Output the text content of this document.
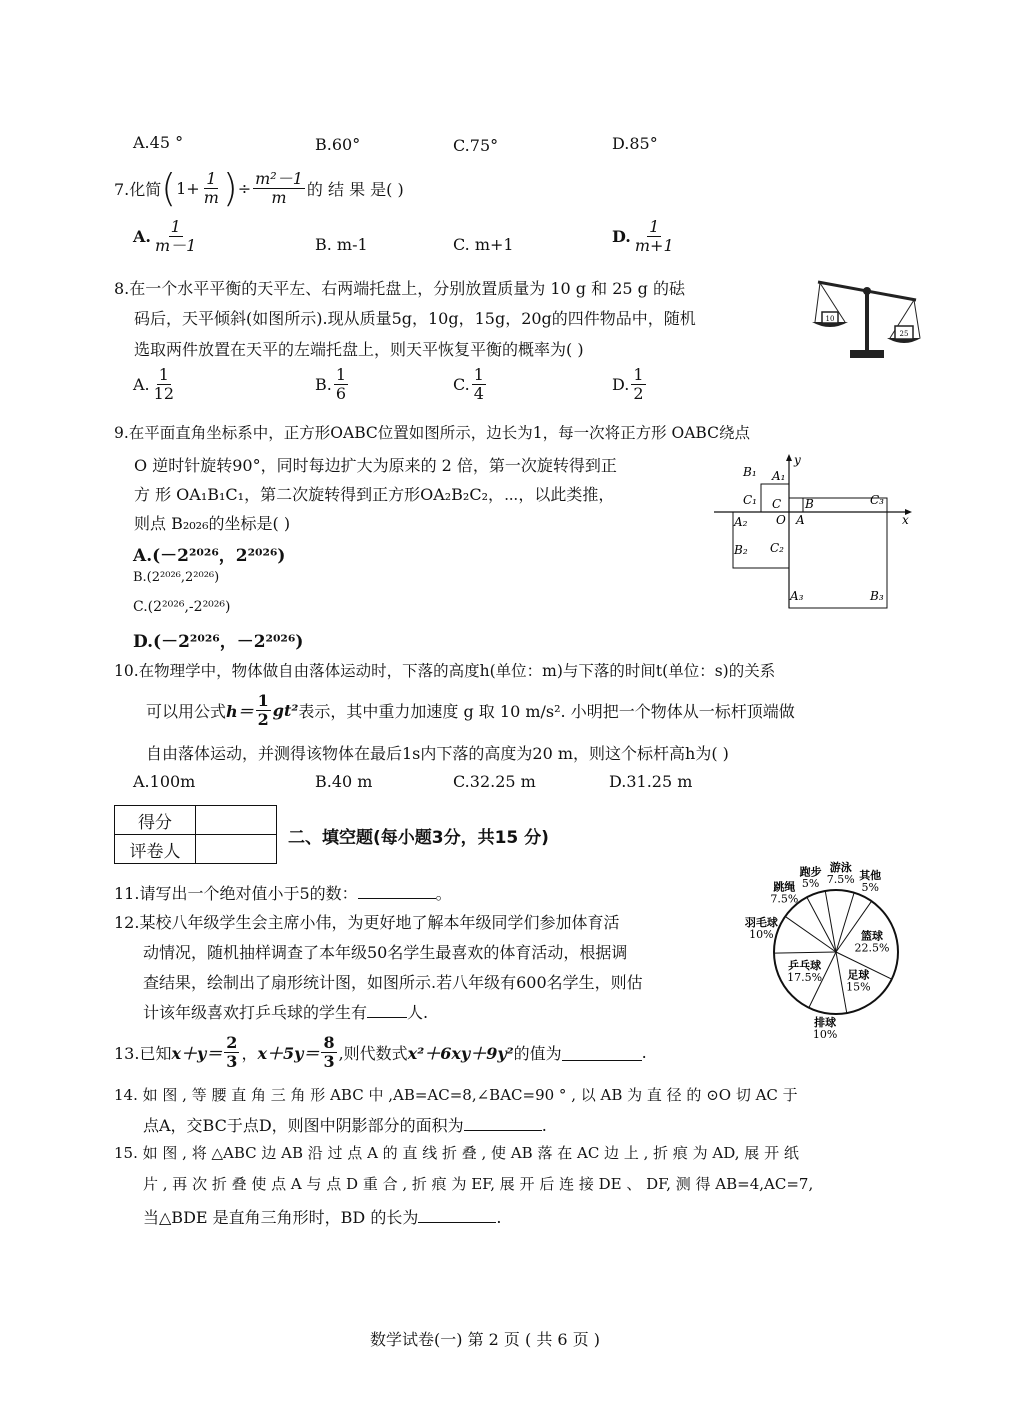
A.45 °	B.60°	C.75°	D.85°
7.化简 ( $1+ \frac{1}{m}$ ) ÷ $\frac{\text{m²－1}}{m}$ 的 结 果 是( )
A. $\frac{1}{m-1}$	B. m-1	C. m+1	D. $\frac{1}{m+1}$
8.在一个水平平衡的天平左、右两端托盘上，分别放置质量为 10 g 和 25 g 的砝
码后，天平倾斜(如图所示).现从质量5g，10g，15g，20g的四件物品中，随机
选取两件放置在天平的左端托盘上，则天平恢复平衡的概率为( )
10
25
A. $\frac{1}{12}$	B. $\frac{1}{6}$	C. $\frac{1}{4}$	D. $\frac{1}{2}$
9.在平面直角坐标系中，正方形OABC位置如图所示，边长为1，每一次将正方形 OABC绕点
O 逆时针旋转90°，同时每边扩大为原来的 2 倍，第一次旋转得到正
方 形 OA₁B₁C₁，第二次旋转得到正方形OA₂B₂C₂，⋯，以此类推，
则点 B₂₀₂₆的坐标是( )
A.(－2²⁰²⁶，2²⁰²⁶)
B.(2²⁰²⁶,2²⁰²⁶)
C.(2²⁰²⁶,-2²⁰²⁶)
D.(－2²⁰²⁶，－2²⁰²⁶)
B₁ A₁
y
C₁ C B
A₂ O A
C₃
x
B₂ C₂
A₃	B₃
10.在物理学中，物体做自由落体运动时，下落的高度h(单位：m)与下落的时间t(单位：s)的关系
可以用公式 $h= \frac{1}{2} gt^2$ 表示，其中重力加速度 g 取 10 m/s². 小明把一个物体从一标杆顶端做
自由落体运动，并测得该物体在最后1s内下落的高度为20 m，则这个标杆高h为( )
A.100m	B.40 m	C.32.25 m	D.31.25 m
得分	
评卷人	
二、填空题(每小题3分，共15 分)
11.请写出一个绝对值小于5的数：	。
12.某校八年级学生会主席小伟，为更好地了解本年级同学们参加体育活
动情况，随机抽样调查了本年级50名学生最喜欢的体育活动，根据调
查结果，绘制出了扇形统计图，如图所示.若八年级有600名学生，则估
计该年级喜欢打乒乓球的学生有	人.
游泳
7.5% 其他
5%
篮球
22.5%
足球
15%
排球
10%
乒乓球
17.5%
羽毛球
10%
跳绳
7.5%
跑步
5%
13.已知 $x+y= \frac{2}{3}$ ， $x+5y= \frac{8}{3}$ ,则代数式 x²＋6xy＋9y² 的值为	.
14. 如 图 , 等 腰 直 角 三 角 形 ABC 中 ,AB=AC=8,∠BAC=90 ° , 以 AB 为 直 径 的 ⊙O 切 AC 于
点A，交BC于点D，则图中阴影部分的面积为	.
15. 如 图 , 将 △ABC 边 AB 沿 过 点 A 的 直 线 折 叠 , 使 AB 落 在 AC 边 上 , 折 痕 为 AD, 展 开 纸
片 , 再 次 折 叠 使 点 A 与 点 D 重 合 , 折 痕 为 EF, 展 开 后 连 接 DE 、 DF, 测 得 AB=4,AC=7,
当△BDE 是直角三角形时，BD 的长为	.
数学试卷(一) 第 2 页 ( 共 6 页 )
